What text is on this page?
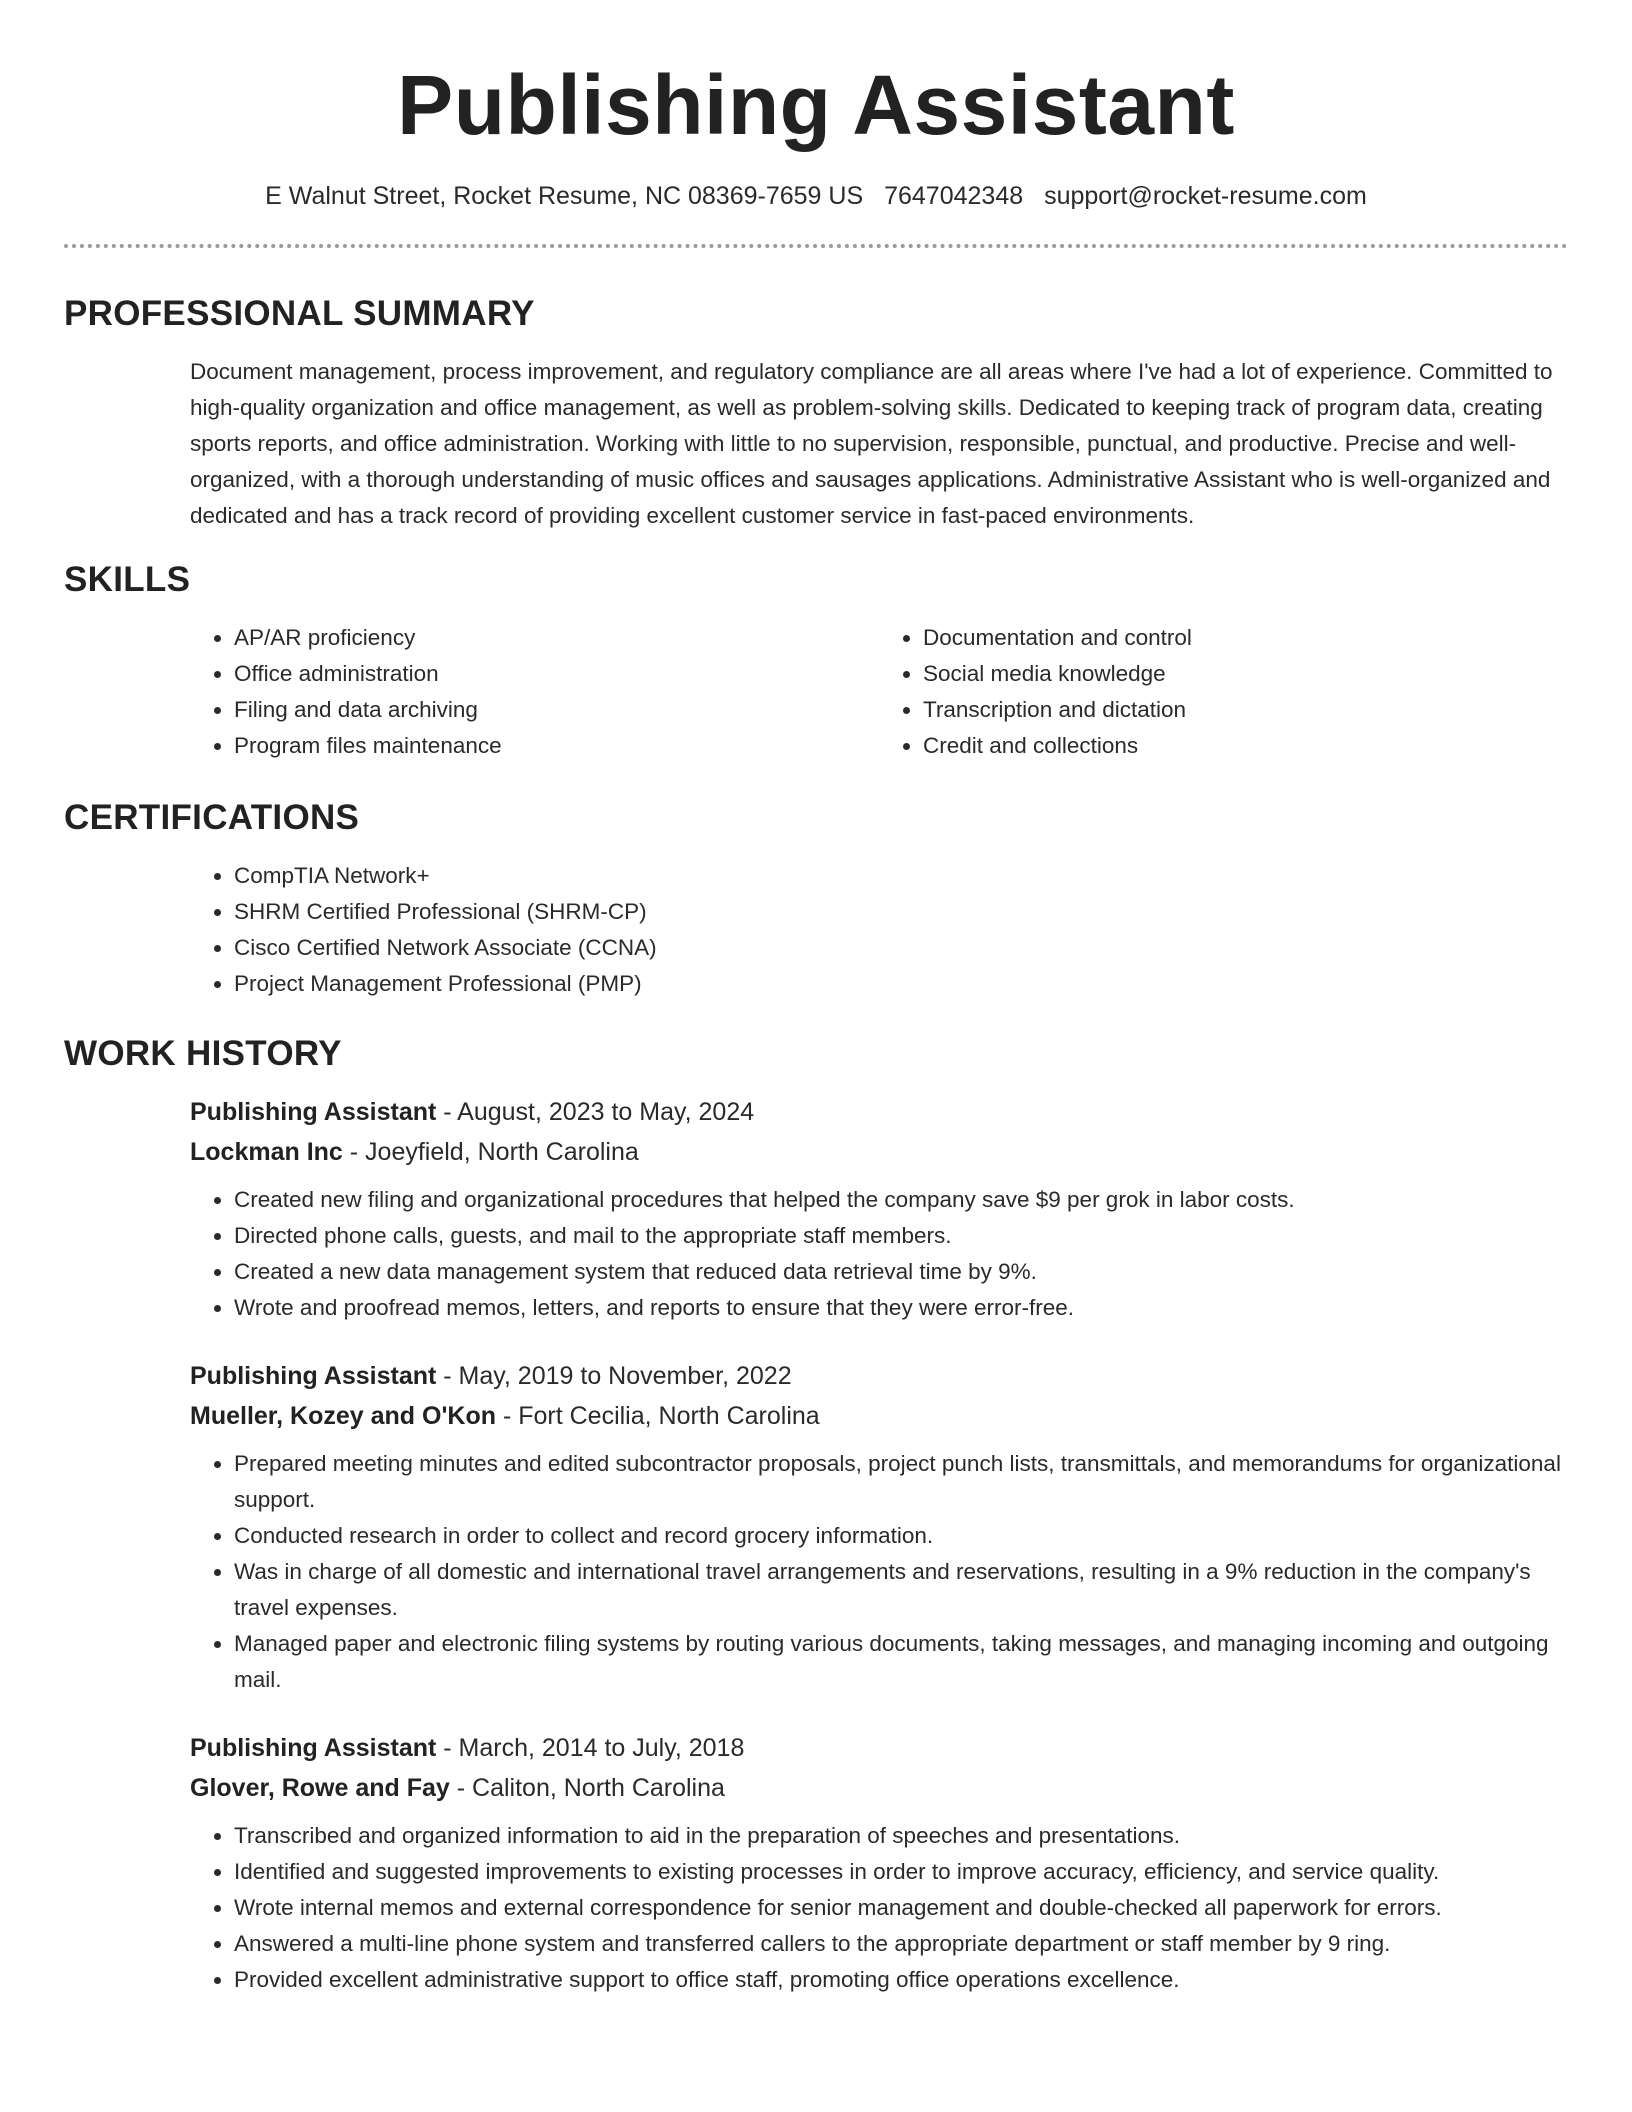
Publishing Assistant
E Walnut Street, Rocket Resume, NC 08369-7659 US 7647042348 support@rocket-resume.com
PROFESSIONAL SUMMARY

Document management, process improvement, and regulatory compliance are all areas where I've had a lot of experience. Committed to high-quality organization and office management, as well as problem-solving skills. Dedicated to keeping track of program data, creating sports reports, and office administration. Working with little to no supervision, responsible, punctual, and productive. Precise and well-organized, with a thorough understanding of music offices and sausages applications. Administrative Assistant who is well-organized and dedicated and has a track record of providing excellent customer service in fast-paced environments.

SKILLS
• AP/AR proficiency
• Office administration
• Filing and data archiving
• Program files maintenance
• Documentation and control
• Social media knowledge
• Transcription and dictation
• Credit and collections
CERTIFICATIONS
• CompTIA Network+
• SHRM Certified Professional (SHRM-CP)
• Cisco Certified Network Associate (CCNA)
• Project Management Professional (PMP)
WORK HISTORY
Publishing Assistant - August, 2023 to May, 2024
Lockman Inc - Joeyfield, North Carolina
• Created new filing and organizational procedures that helped the company save $9 per grok in labor costs.
• Directed phone calls, guests, and mail to the appropriate staff members.
• Created a new data management system that reduced data retrieval time by 9%.
• Wrote and proofread memos, letters, and reports to ensure that they were error-free.
Publishing Assistant - May, 2019 to November, 2022
Mueller, Kozey and O'Kon - Fort Cecilia, North Carolina
• Prepared meeting minutes and edited subcontractor proposals, project punch lists, transmittals, and memorandums for organizational support.
• Conducted research in order to collect and record grocery information.
• Was in charge of all domestic and international travel arrangements and reservations, resulting in a 9% reduction in the company's travel expenses.
• Managed paper and electronic filing systems by routing various documents, taking messages, and managing incoming and outgoing mail.
Publishing Assistant - March, 2014 to July, 2018
Glover, Rowe and Fay - Caliton, North Carolina
• Transcribed and organized information to aid in the preparation of speeches and presentations.
• Identified and suggested improvements to existing processes in order to improve accuracy, efficiency, and service quality.
• Wrote internal memos and external correspondence for senior management and double-checked all paperwork for errors.
• Answered a multi-line phone system and transferred callers to the appropriate department or staff member by 9 ring.
• Provided excellent administrative support to office staff, promoting office operations excellence.
